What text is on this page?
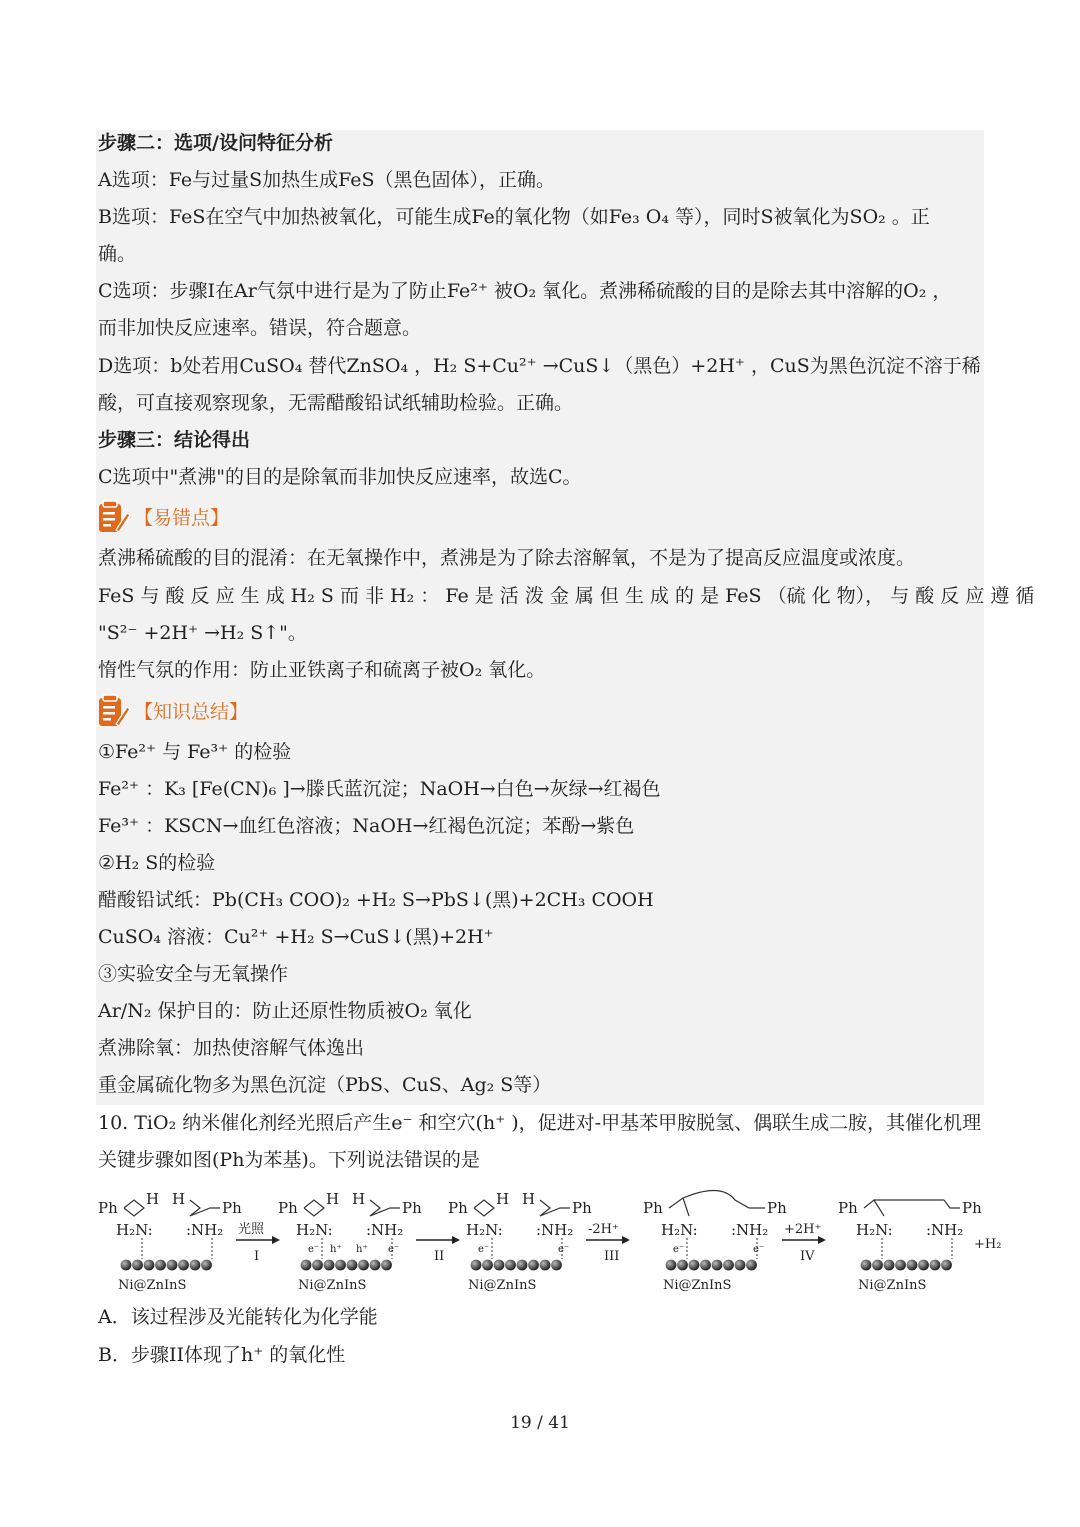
步骤二：选项/设问特征分析
A选项：Fe与过量S加热生成FeS（黑色固体），正确。
B选项：FeS在空气中加热被氧化，可能生成Fe的氧化物（如Fe₃ O₄ 等），同时S被氧化为SO₂ 。正
确。
C选项：步骤Ⅰ在Ar气氛中进行是为了防止Fe²⁺ 被O₂ 氧化。煮沸稀硫酸的目的是除去其中溶解的O₂ ，
而非加快反应速率。错误，符合题意。
D选项：b处若用CuSO₄ 替代ZnSO₄ ，H₂ S+Cu²⁺ →CuS↓（黑色）+2H⁺ ，CuS为黑色沉淀不溶于稀
酸，可直接观察现象，无需醋酸铅试纸辅助检验。正确。
步骤三：结论得出
C选项中"煮沸"的目的是除氧而非加快反应速率，故选C。
【易错点】
煮沸稀硫酸的目的混淆：在无氧操作中，煮沸是为了除去溶解氧，不是为了提高反应温度或浓度。
FeS 与 酸 反 应 生 成 H₂ S 而 非 H₂ ： Fe 是 活 泼 金 属 但 生 成 的 是 FeS （硫 化 物）， 与 酸 反 应 遵 循
"S²⁻ +2H⁺ →H₂ S↑"。
惰性气氛的作用：防止亚铁离子和硫离子被O₂ 氧化。
【知识总结】
①Fe²⁺ 与 Fe³⁺ 的检验
Fe²⁺ ：K₃ [Fe(CN)₆ ]→滕氏蓝沉淀；NaOH→白色→灰绿→红褐色
Fe³⁺ ：KSCN→血红色溶液；NaOH→红褐色沉淀；苯酚→紫色
②H₂ S的检验
醋酸铅试纸：Pb(CH₃ COO)₂ +H₂ S→PbS↓(黑)+2CH₃ COOH
CuSO₄ 溶液：Cu²⁺ +H₂ S→CuS↓(黑)+2H⁺
③实验安全与无氧操作
Ar/N₂ 保护目的：防止还原性物质被O₂ 氧化
煮沸除氧：加热使溶解气体逸出
重金属硫化物多为黑色沉淀（PbS、CuS、Ag₂ S等）
10. TiO₂ 纳米催化剂经光照后产生e⁻ 和空穴(h⁺ )，促进对-甲基苯甲胺脱氢、偶联生成二胺，其催化机理
关键步骤如图(Ph为苯基)。下列说法错误的是
Ni@ZnInS
H₂N: :NH₂
Ph	Ph
H H
Ni@ZnInS
H₂N: :NH₂
Ph	Ph
H H
e⁻	e⁻
h⁺ h⁺
Ni@ZnInS
H₂N: :NH₂
Ph	Ph
H H
e⁻	e⁻
Ni@ZnInS
H₂N: :NH₂
Ph	Ph
e⁻	e⁻
Ni@ZnInS
H₂N: :NH₂
Ph	Ph
光照
I	II
-2H⁺
III
+2H⁺
IV
+H₂
A．该过程涉及光能转化为化学能
B．步骤II体现了h⁺ 的氧化性
19 / 41
